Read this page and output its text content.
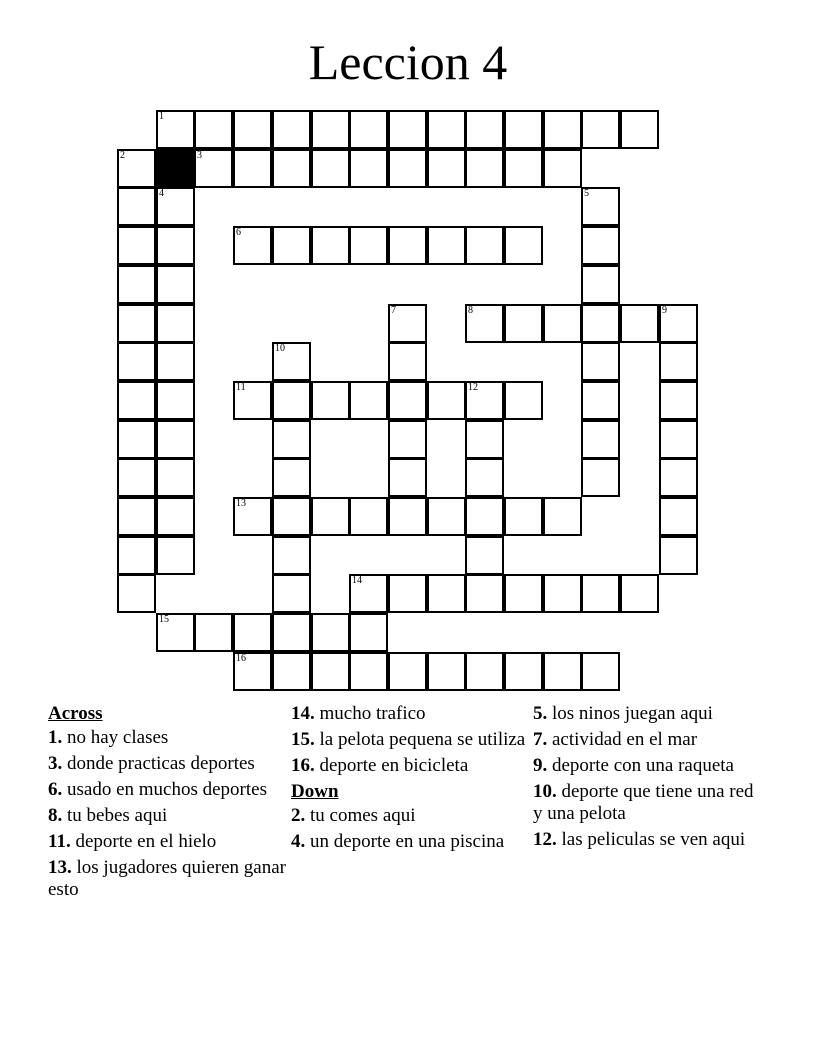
Leccion 4
1
2	3
4	5
6
7	8	9
10
11	12
13
14
15
16
Across
1. no hay clases
3. donde practicas deportes
6. usado en muchos deportes
8. tu bebes aqui
11. deporte en el hielo
13. los jugadores quieren ganar esto
14. mucho trafico
15. la pelota pequena se utiliza
16. deporte en bicicleta
Down
2. tu comes aqui
4. un deporte en una piscina
5. los ninos juegan aqui
7. actividad en el mar
9. deporte con una raqueta
10. deporte que tiene una red y una pelota
12. las peliculas se ven aqui
